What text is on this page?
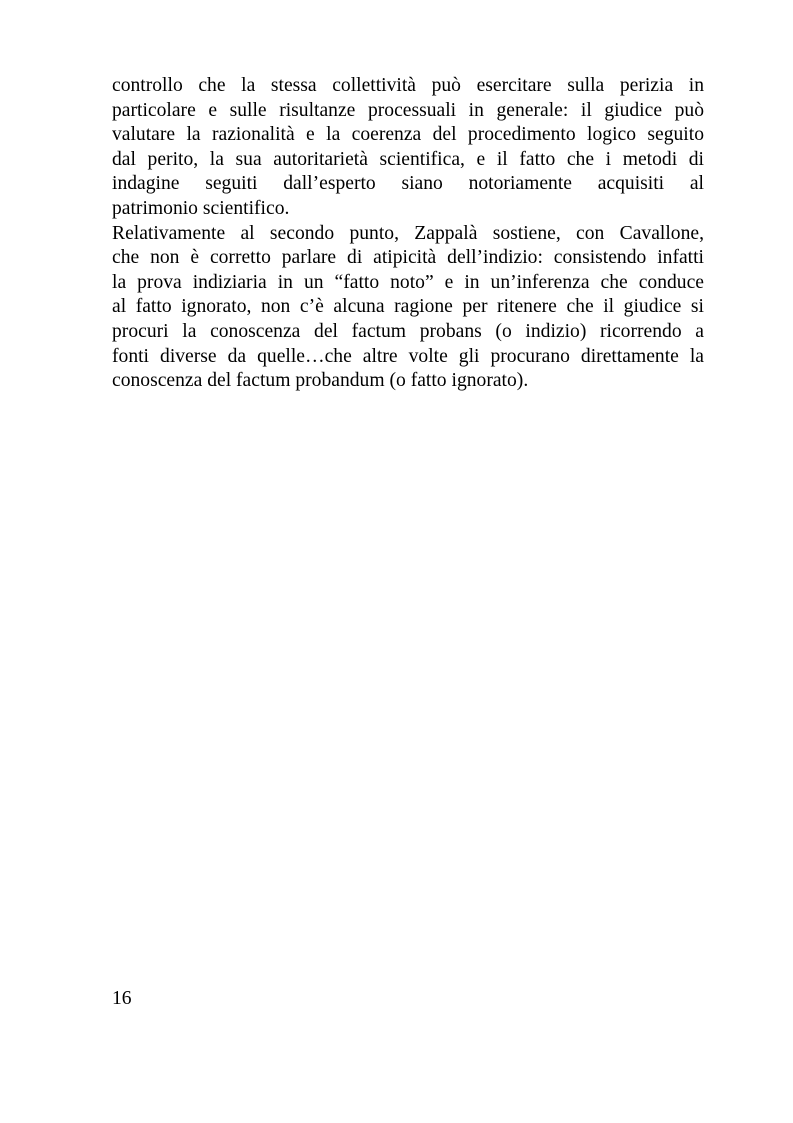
controllo che la stessa collettività può esercitare sulla perizia in
particolare e sulle risultanze processuali in generale: il giudice può
valutare la razionalità e la coerenza del procedimento logico seguito
dal perito, la sua autoritarietà scientifica, e il fatto che i metodi di
indagine seguiti dall’esperto siano notoriamente acquisiti al
patrimonio scientifico.
Relativamente al secondo punto, Zappalà sostiene, con Cavallone,
che non è corretto parlare di atipicità dell’indizio: consistendo infatti
la prova indiziaria in un “fatto noto” e in un’inferenza che conduce
al fatto ignorato, non c’è alcuna ragione per ritenere che il giudice si
procuri la conoscenza del factum probans (o indizio) ricorrendo a
fonti diverse da quelle…che altre volte gli procurano direttamente la
conoscenza del factum probandum (o fatto ignorato).
16
